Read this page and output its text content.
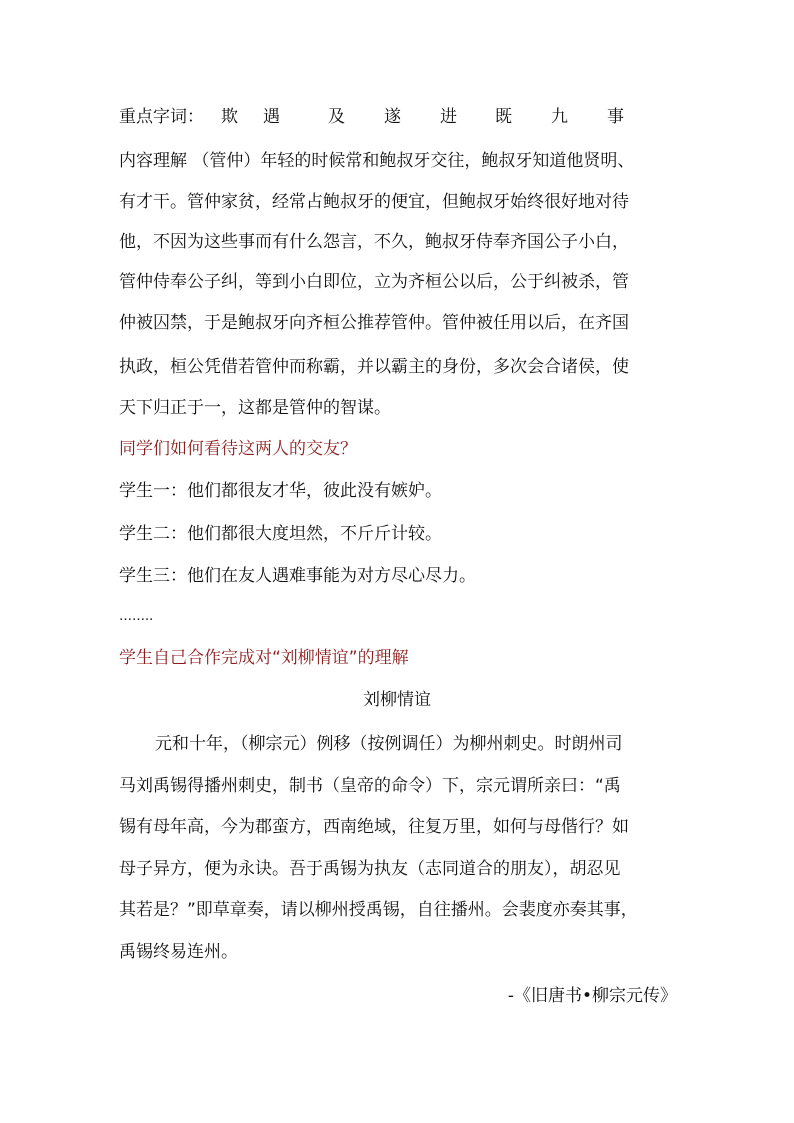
重点字词： 欺 遇	及 遂 进 既 九 事

内容理解 （管仲）年轻的时候常和鲍叔牙交往，鲍叔牙知道他贤明、

有才干。管仲家贫，经常占鲍叔牙的便宜，但鲍叔牙始终很好地对待

他，不因为这些事而有什么怨言，不久，鲍叔牙侍奉齐国公子小白，

管仲侍奉公子纠，等到小白即位，立为齐桓公以后，公于纠被杀，管

仲被囚禁，于是鲍叔牙向齐桓公推荐管仲。管仲被任用以后，在齐国

执政，桓公凭借若管仲而称霸，并以霸主的身份，多次会合诸侯，使

天下归正于一，这都是管仲的智谋。

同学们如何看待这两人的交友？

学生一：他们都很友才华，彼此没有嫉妒。

学生二：他们都很大度坦然，不斤斤计较。

学生三：他们在友人遇难事能为对方尽心尽力。

……..

学生自己合作完成对“刘柳情谊”的理解

刘柳情谊

元和十年，（柳宗元）例移（按例调任）为柳州刺史。时朗州司

马刘禹锡得播州刺史，制书（皇帝的命令）下，宗元谓所亲曰：“禹

锡有母年高，今为郡蛮方，西南绝域，往复万里，如何与母偕行？如

母子异方，便为永诀。吾于禹锡为执友（志同道合的朋友），胡忍见

其若是？”即草章奏，请以柳州授禹锡，自往播州。会裴度亦奏其事，

禹锡终易连州。

-《旧唐书•柳宗元传》
